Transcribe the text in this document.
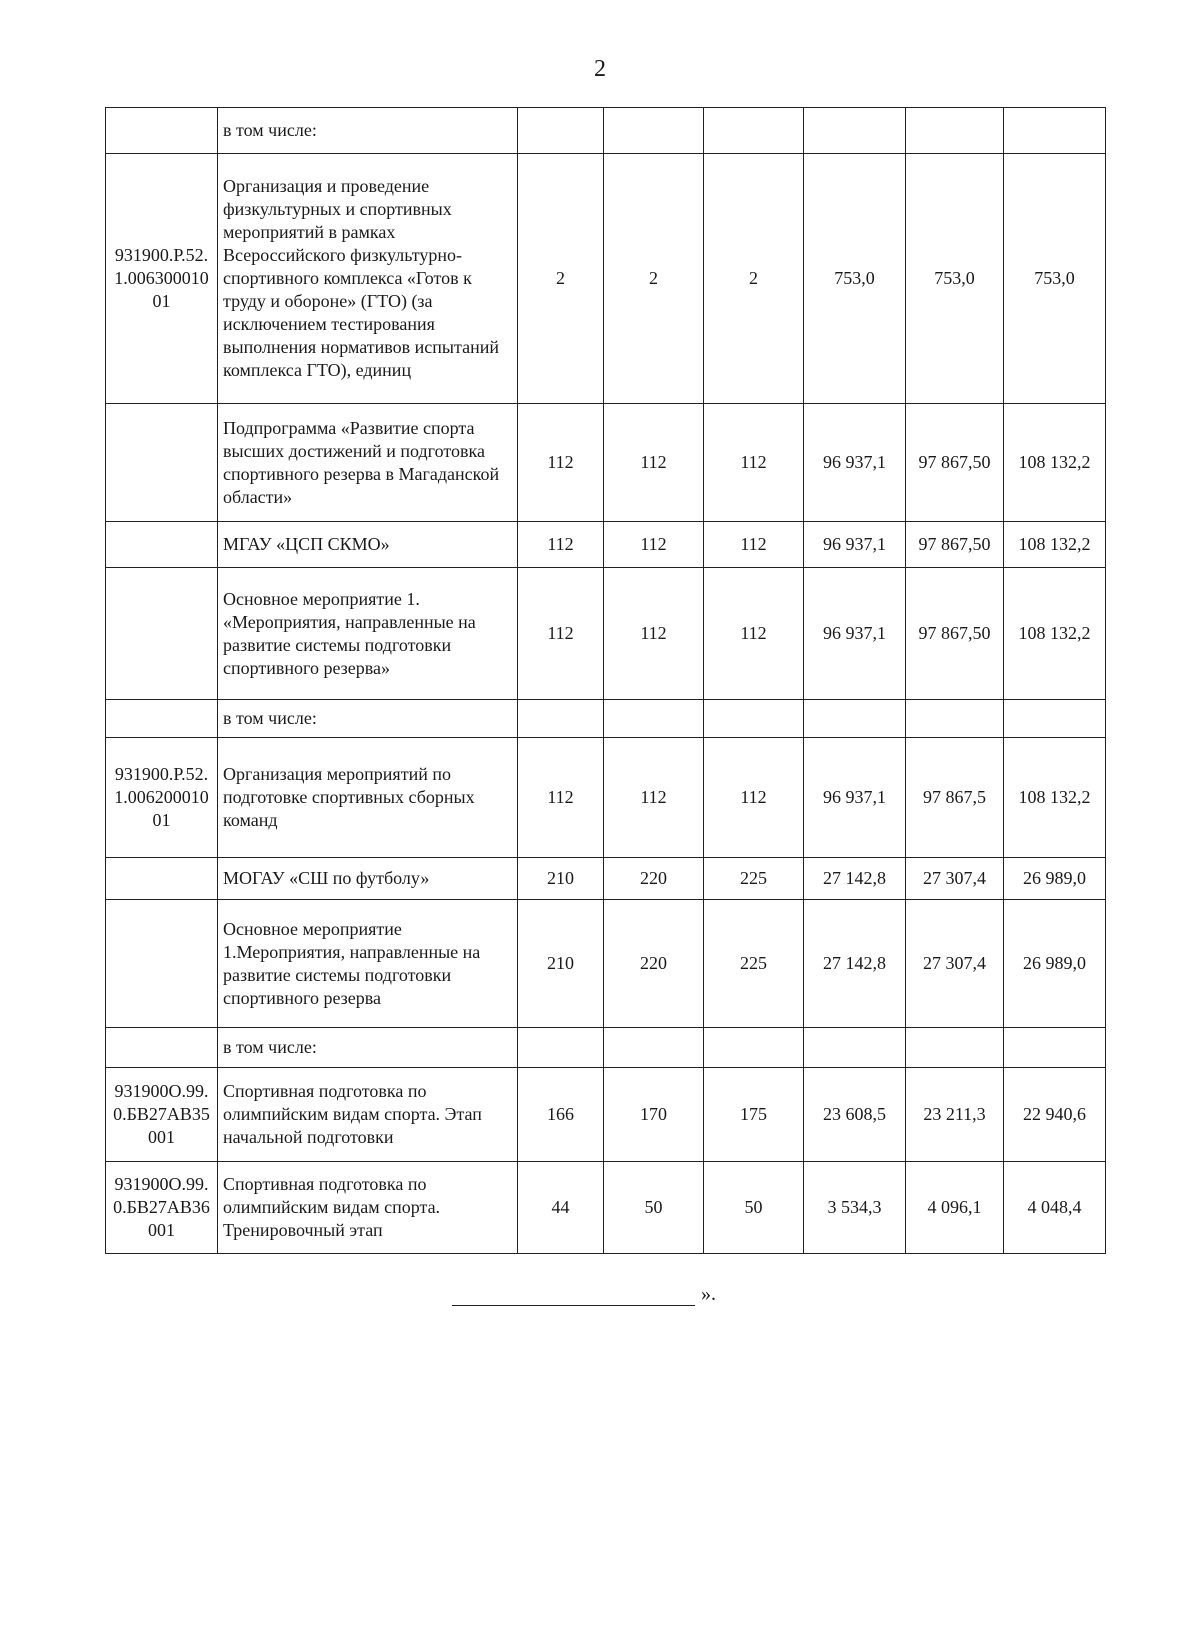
2
	в том числе:						
931900.Р.52.1.00630001001	Организация и проведение физкультурных и спортивных мероприятий в рамках Всероссийского физкультурно-спортивного комплекса «Готов к труду и обороне» (ГТО) (за исключением тестирования выполнения нормативов испытаний комплекса ГТО), единиц	2	2	2	753,0	753,0	753,0
	Подпрограмма «Развитие спорта высших достижений и подготовка спортивного резерва в Магаданской области»	112	112	112	96 937,1	97 867,50	108 132,2
	МГАУ «ЦСП СКМО»	112	112	112	96 937,1	97 867,50	108 132,2
	Основное мероприятие 1. «Мероприятия, направленные на развитие системы подготовки спортивного резерва»	112	112	112	96 937,1	97 867,50	108 132,2
	в том числе:						
931900.Р.52.1.00620001001	Организация мероприятий по подготовке спортивных сборных команд	112	112	112	96 937,1	97 867,5	108 132,2
	МОГАУ «СШ по футболу»	210	220	225	27 142,8	27 307,4	26 989,0
	Основное мероприятие 1.Мероприятия, направленные на развитие системы подготовки спортивного резерва	210	220	225	27 142,8	27 307,4	26 989,0
	в том числе:						
931900О.99.0.БВ27АВ35001	Спортивная подготовка по олимпийским видам спорта. Этап начальной подготовки	166	170	175	23 608,5	23 211,3	22 940,6
931900О.99.0.БВ27АВ36001	Спортивная подготовка по олимпийским видам спорта. Тренировочный этап	44	50	50	3 534,3	4 096,1	4 048,4
».
